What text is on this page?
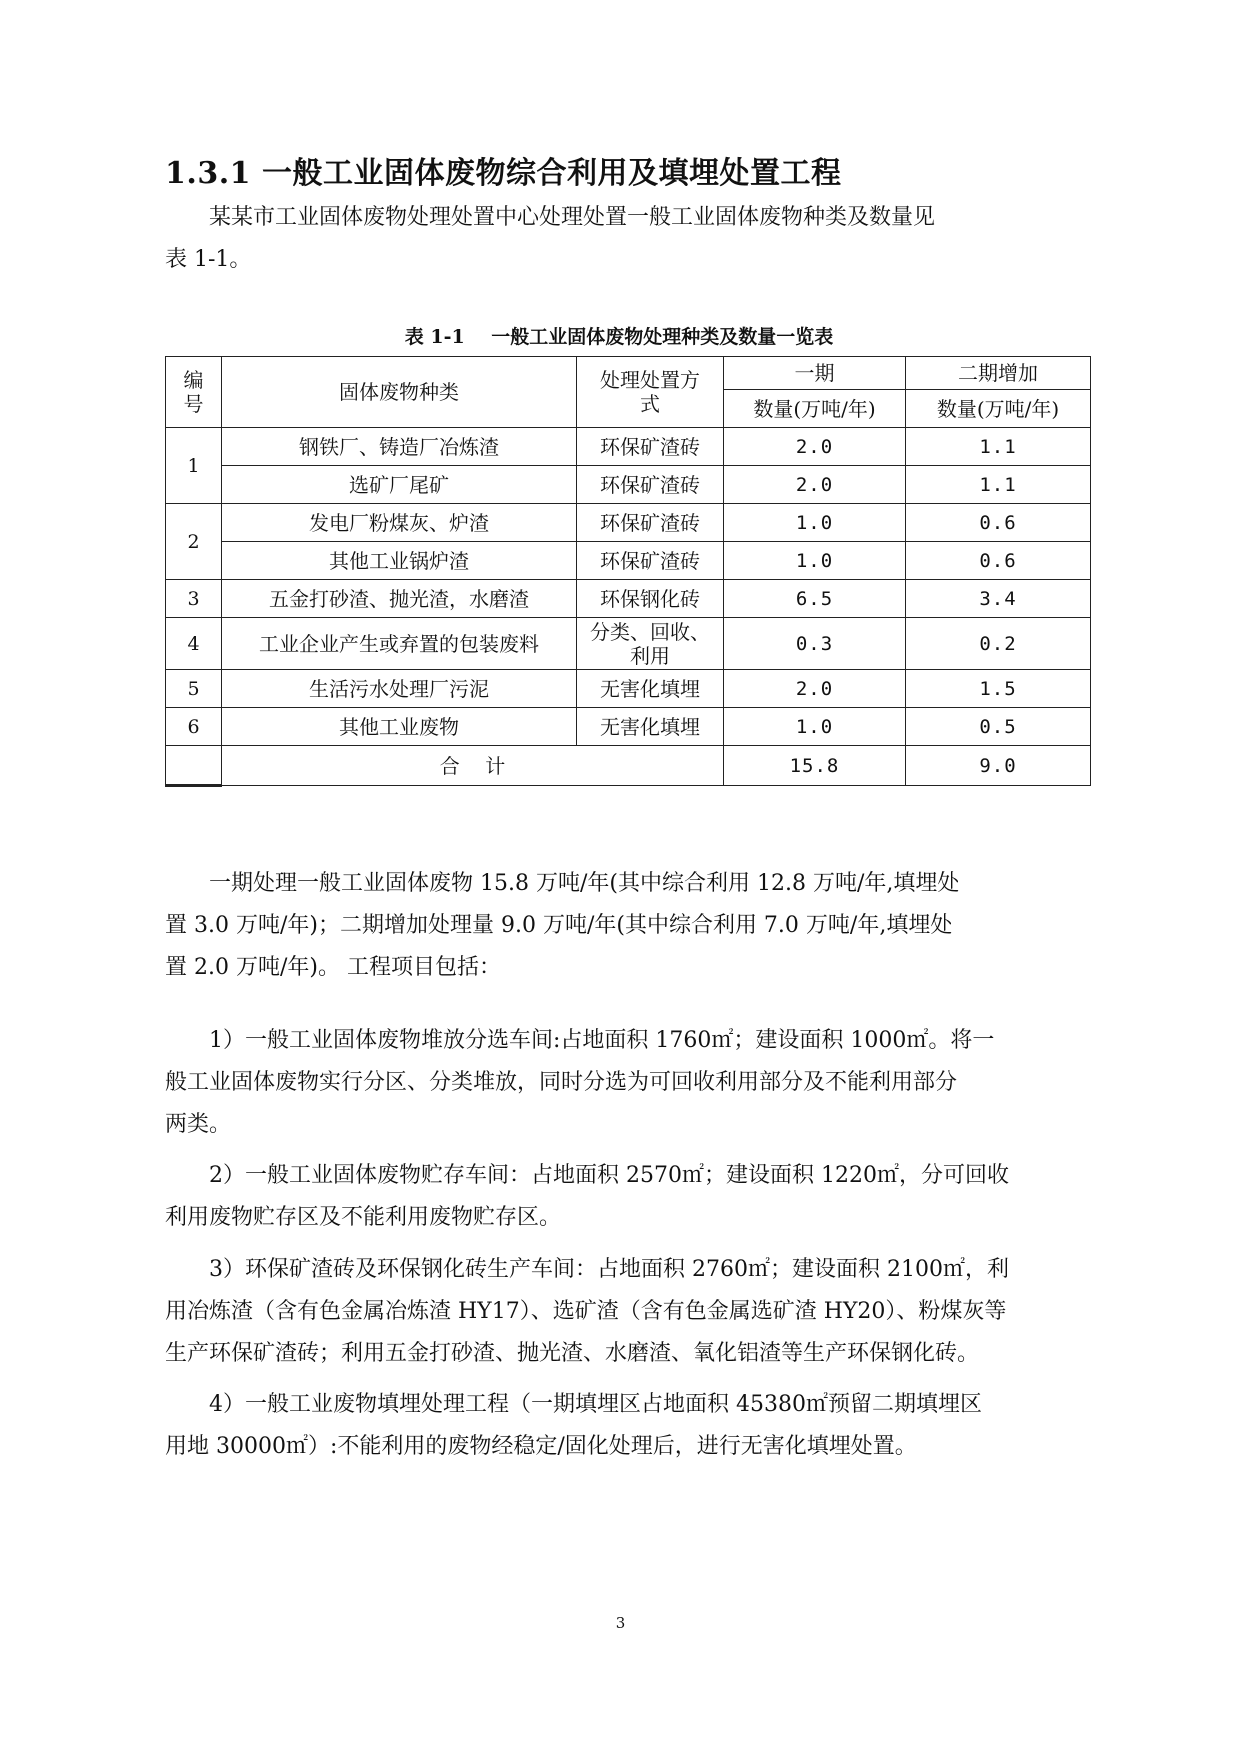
1.3.1 一般工业固体废物综合利用及填埋处置工程

某某市工业固体废物处理处置中心处理处置一般工业固体废物种类及数量见
表 1-1。

表 1-1    一般工业固体废物处理种类及数量一览表

编号	固体废物种类	处理处置方式	一期	二期增加
			数量(万吨/年)	数量(万吨/年)
1	钢铁厂、铸造厂冶炼渣	环保矿渣砖	2.0	1.1
	选矿厂尾矿	环保矿渣砖	2.0	1.1
2	发电厂粉煤灰、炉渣	环保矿渣砖	1.0	0.6
	其他工业锅炉渣	环保矿渣砖	1.0	0.6
3	五金打砂渣、抛光渣，水磨渣	环保钢化砖	6.5	3.4
4	工业企业产生或弃置的包装废料	分类、回收、利用	0.3	0.2
5	生活污水处理厂污泥	无害化填埋	2.0	1.5
6	其他工业废物	无害化填埋	1.0	0.5
	合    计		15.8	9.0

一期处理一般工业固体废物 15.8 万吨/年(其中综合利用 12.8 万吨/年,填埋处
置 3.0 万吨/年)；二期增加处理量 9.0 万吨/年(其中综合利用 7.0 万吨/年,填埋处
置 2.0 万吨/年)。 工程项目包括：

1）一般工业固体废物堆放分选车间:占地面积 1760㎡；建设面积 1000㎡。将一
般工业固体废物实行分区、分类堆放，同时分选为可回收利用部分及不能利用部分
两类。

2）一般工业固体废物贮存车间：占地面积 2570㎡；建设面积 1220㎡，分可回收
利用废物贮存区及不能利用废物贮存区。

3）环保矿渣砖及环保钢化砖生产车间：占地面积 2760㎡；建设面积 2100㎡，利
用冶炼渣（含有色金属冶炼渣 HY17）、选矿渣（含有色金属选矿渣 HY20）、粉煤灰等
生产环保矿渣砖；利用五金打砂渣、抛光渣、水磨渣、氧化铝渣等生产环保钢化砖。

4）一般工业废物填埋处理工程（一期填埋区占地面积 45380㎡预留二期填埋区
用地 30000㎡）:不能利用的废物经稳定/固化处理后，进行无害化填埋处置。

3
